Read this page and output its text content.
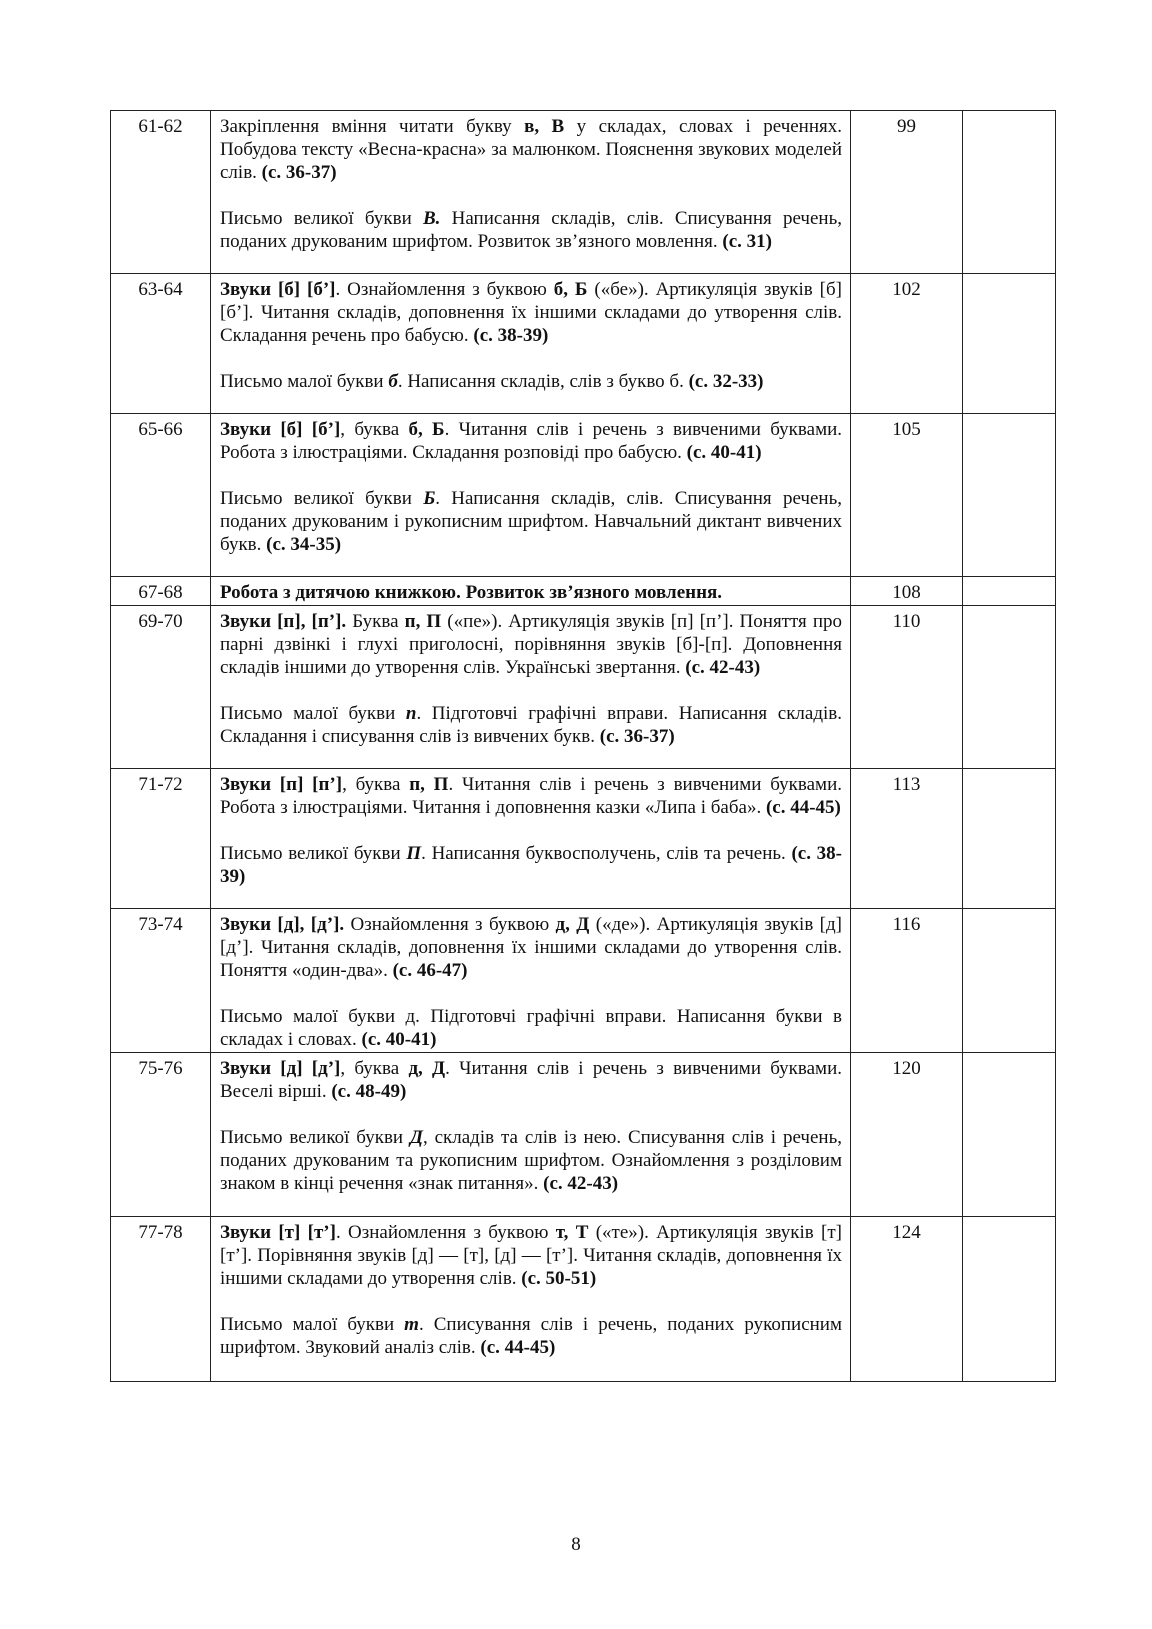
61-62	Закріплення вміння читати букву в, В у складах, словах і реченнях. Побудова тексту «Весна-красна» за малюнком. Пояснення звукових моделей слів. (с. 36-37)

Письмо великої букви В. Написання складів, слів. Списування речень, поданих друкованим шрифтом. Розвиток зв’язного мовлення. (с. 31)	99	
63-64	Звуки [б] [б’]. Ознайомлення з буквою б, Б («бе»). Артикуляція звуків [б] [б’]. Читання складів, доповнення їх іншими складами до утворення слів. Складання речень про бабусю. (с. 38-39)

Письмо малої букви б. Написання складів, слів з букво б. (с. 32-33)	102	
65-66	Звуки [б] [б’], буква б, Б. Читання слів і речень з вивченими буквами. Робота з ілюстраціями. Складання розповіді про бабусю. (с. 40-41)

Письмо великої букви Б. Написання складів, слів. Списування речень, поданих друкованим і рукописним шрифтом. Навчальний диктант вивчених букв. (с. 34-35)	105	
67-68	Робота з дитячою книжкою. Розвиток зв’язного мовлення.	108	
69-70	Звуки [п], [п’]. Буква п, П («пе»). Артикуляція звуків [п] [п’]. Поняття про парні дзвінкі і глухі приголосні, порівняння звуків [б]-[п]. Доповнення складів іншими до утворення слів. Українські звертання. (с. 42-43)

Письмо малої букви п. Підготовчі графічні вправи. Написання складів. Складання і списування слів із вивчених букв. (с. 36-37)	110	
71-72	Звуки [п] [п’], буква п, П. Читання слів і речень з вивченими буквами. Робота з ілюстраціями. Читання і доповнення казки «Липа і баба». (с. 44-45)

Письмо великої букви П. Написання буквосполучень, слів та речень. (с. 38-39)	113	
73-74	Звуки [д], [д’]. Ознайомлення з буквою д, Д («де»). Артикуляція звуків [д] [д’]. Читання складів, доповнення їх іншими складами до утворення слів. Поняття «один-два». (с. 46-47)

Письмо малої букви д. Підготовчі графічні вправи. Написання букви в складах і словах. (с. 40-41)	116	
75-76	Звуки [д] [д’], буква д, Д. Читання слів і речень з вивченими буквами. Веселі вірші. (с. 48-49)

Письмо великої букви Д, складів та слів із нею. Списування слів і речень, поданих друкованим та рукописним шрифтом. Ознайомлення з розділовим знаком в кінці речення «знак питання». (с. 42-43)	120	
77-78	Звуки [т] [т’]. Ознайомлення з буквою т, Т («те»). Артикуляція звуків [т] [т’]. Порівняння звуків [д] — [т], [д] — [т’]. Читання складів, доповнення їх іншими складами до утворення слів. (с. 50-51)

Письмо малої букви т. Списування слів і речень, поданих рукописним шрифтом. Звуковий аналіз слів. (с. 44-45)	124	
8
